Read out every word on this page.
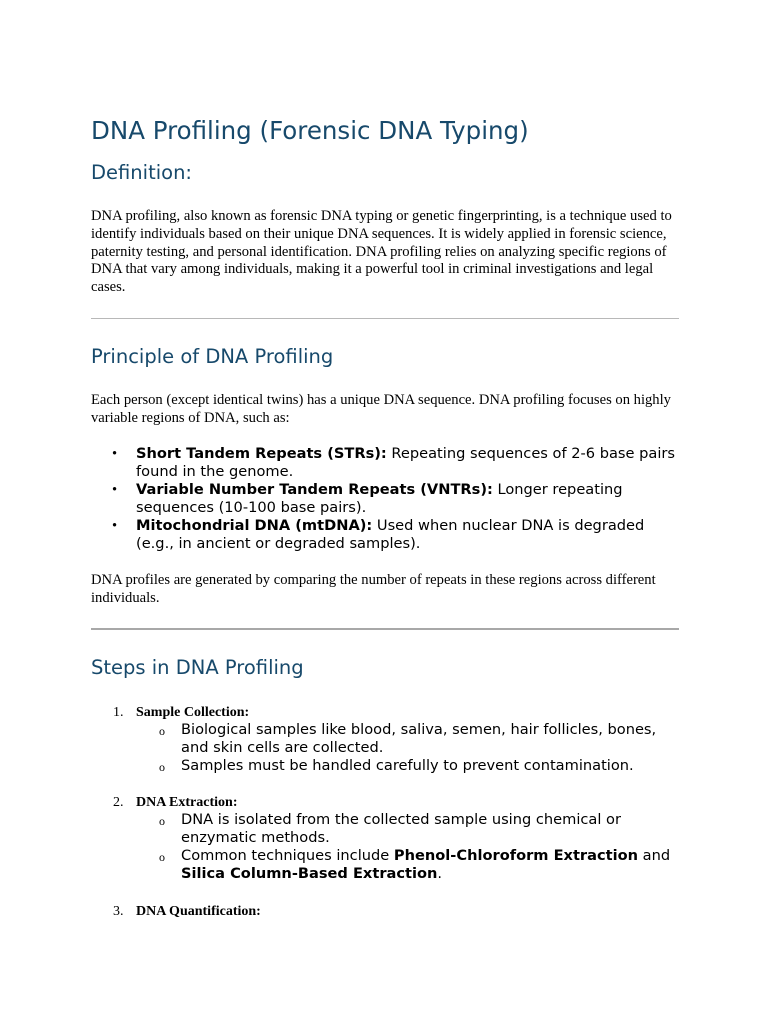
DNA Profiling (Forensic DNA Typing)
Definition:

DNA profiling, also known as forensic DNA typing or genetic fingerprinting, is a technique used to identify individuals based on their unique DNA sequences. It is widely applied in forensic science, paternity testing, and personal identification. DNA profiling relies on analyzing specific regions of DNA that vary among individuals, making it a powerful tool in criminal investigations and legal cases.

Principle of DNA Profiling

Each person (except identical twins) has a unique DNA sequence. DNA profiling focuses on highly variable regions of DNA, such as:

• Short Tandem Repeats (STRs): Repeating sequences of 2-6 base pairs found in the genome.
• Variable Number Tandem Repeats (VNTRs): Longer repeating sequences (10-100 base pairs).
• Mitochondrial DNA (mtDNA): Used when nuclear DNA is degraded (e.g., in ancient or degraded samples).

DNA profiles are generated by comparing the number of repeats in these regions across different individuals.

Steps in DNA Profiling
1. Sample Collection:
o Biological samples like blood, saliva, semen, hair follicles, bones, and skin cells are collected.
o Samples must be handled carefully to prevent contamination.
2. DNA Extraction:
o DNA is isolated from the collected sample using chemical or enzymatic methods.
o Common techniques include Phenol-Chloroform Extraction and Silica Column-Based Extraction.
3. DNA Quantification:
